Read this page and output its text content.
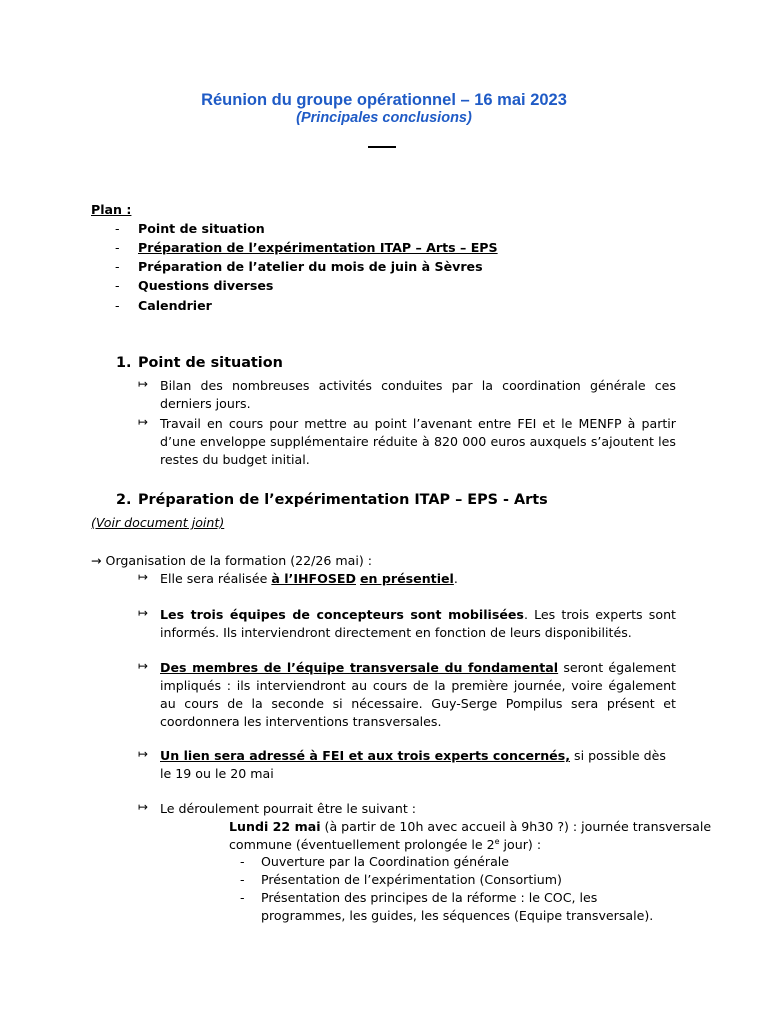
Réunion du groupe opérationnel – 16 mai 2023
(Principales conclusions)
Plan :
- Point de situation
- Préparation de l’expérimentation ITAP – Arts – EPS
- Préparation de l’atelier du mois de juin à Sèvres
- Questions diverses
- Calendrier
1. Point de situation
↦ Bilan des nombreuses activités conduites par la coordination générale ces derniers jours.
↦ Travail en cours pour mettre au point l’avenant entre FEI et le MENFP à partir d’une enveloppe supplémentaire réduite à 820 000 euros auxquels s’ajoutent les restes du budget initial.
2. Préparation de l’expérimentation ITAP – EPS - Arts
(Voir document joint)
→ Organisation de la formation (22/26 mai) :
↦ Elle sera réalisée à l’IHFOSED en présentiel.
↦ Les trois équipes de concepteurs sont mobilisées. Les trois experts sont informés. Ils interviendront directement en fonction de leurs disponibilités.
↦ Des membres de l’équipe transversale du fondamental seront également impliqués : ils interviendront au cours de la première journée, voire également au cours de la seconde si nécessaire. Guy-Serge Pompilus sera présent et coordonnera les interventions transversales.
↦ Un lien sera adressé à FEI et aux trois experts concernés, si possible dès le 19 ou le 20 mai
↦ Le déroulement pourrait être le suivant :
Lundi 22 mai (à partir de 10h avec accueil à 9h30 ?) : journée transversale
commune (éventuellement prolongée le 2e jour) :
- Ouverture par la Coordination générale
- Présentation de l’expérimentation (Consortium)
- Présentation des principes de la réforme : le COC, les programmes, les guides, les séquences (Equipe transversale).
